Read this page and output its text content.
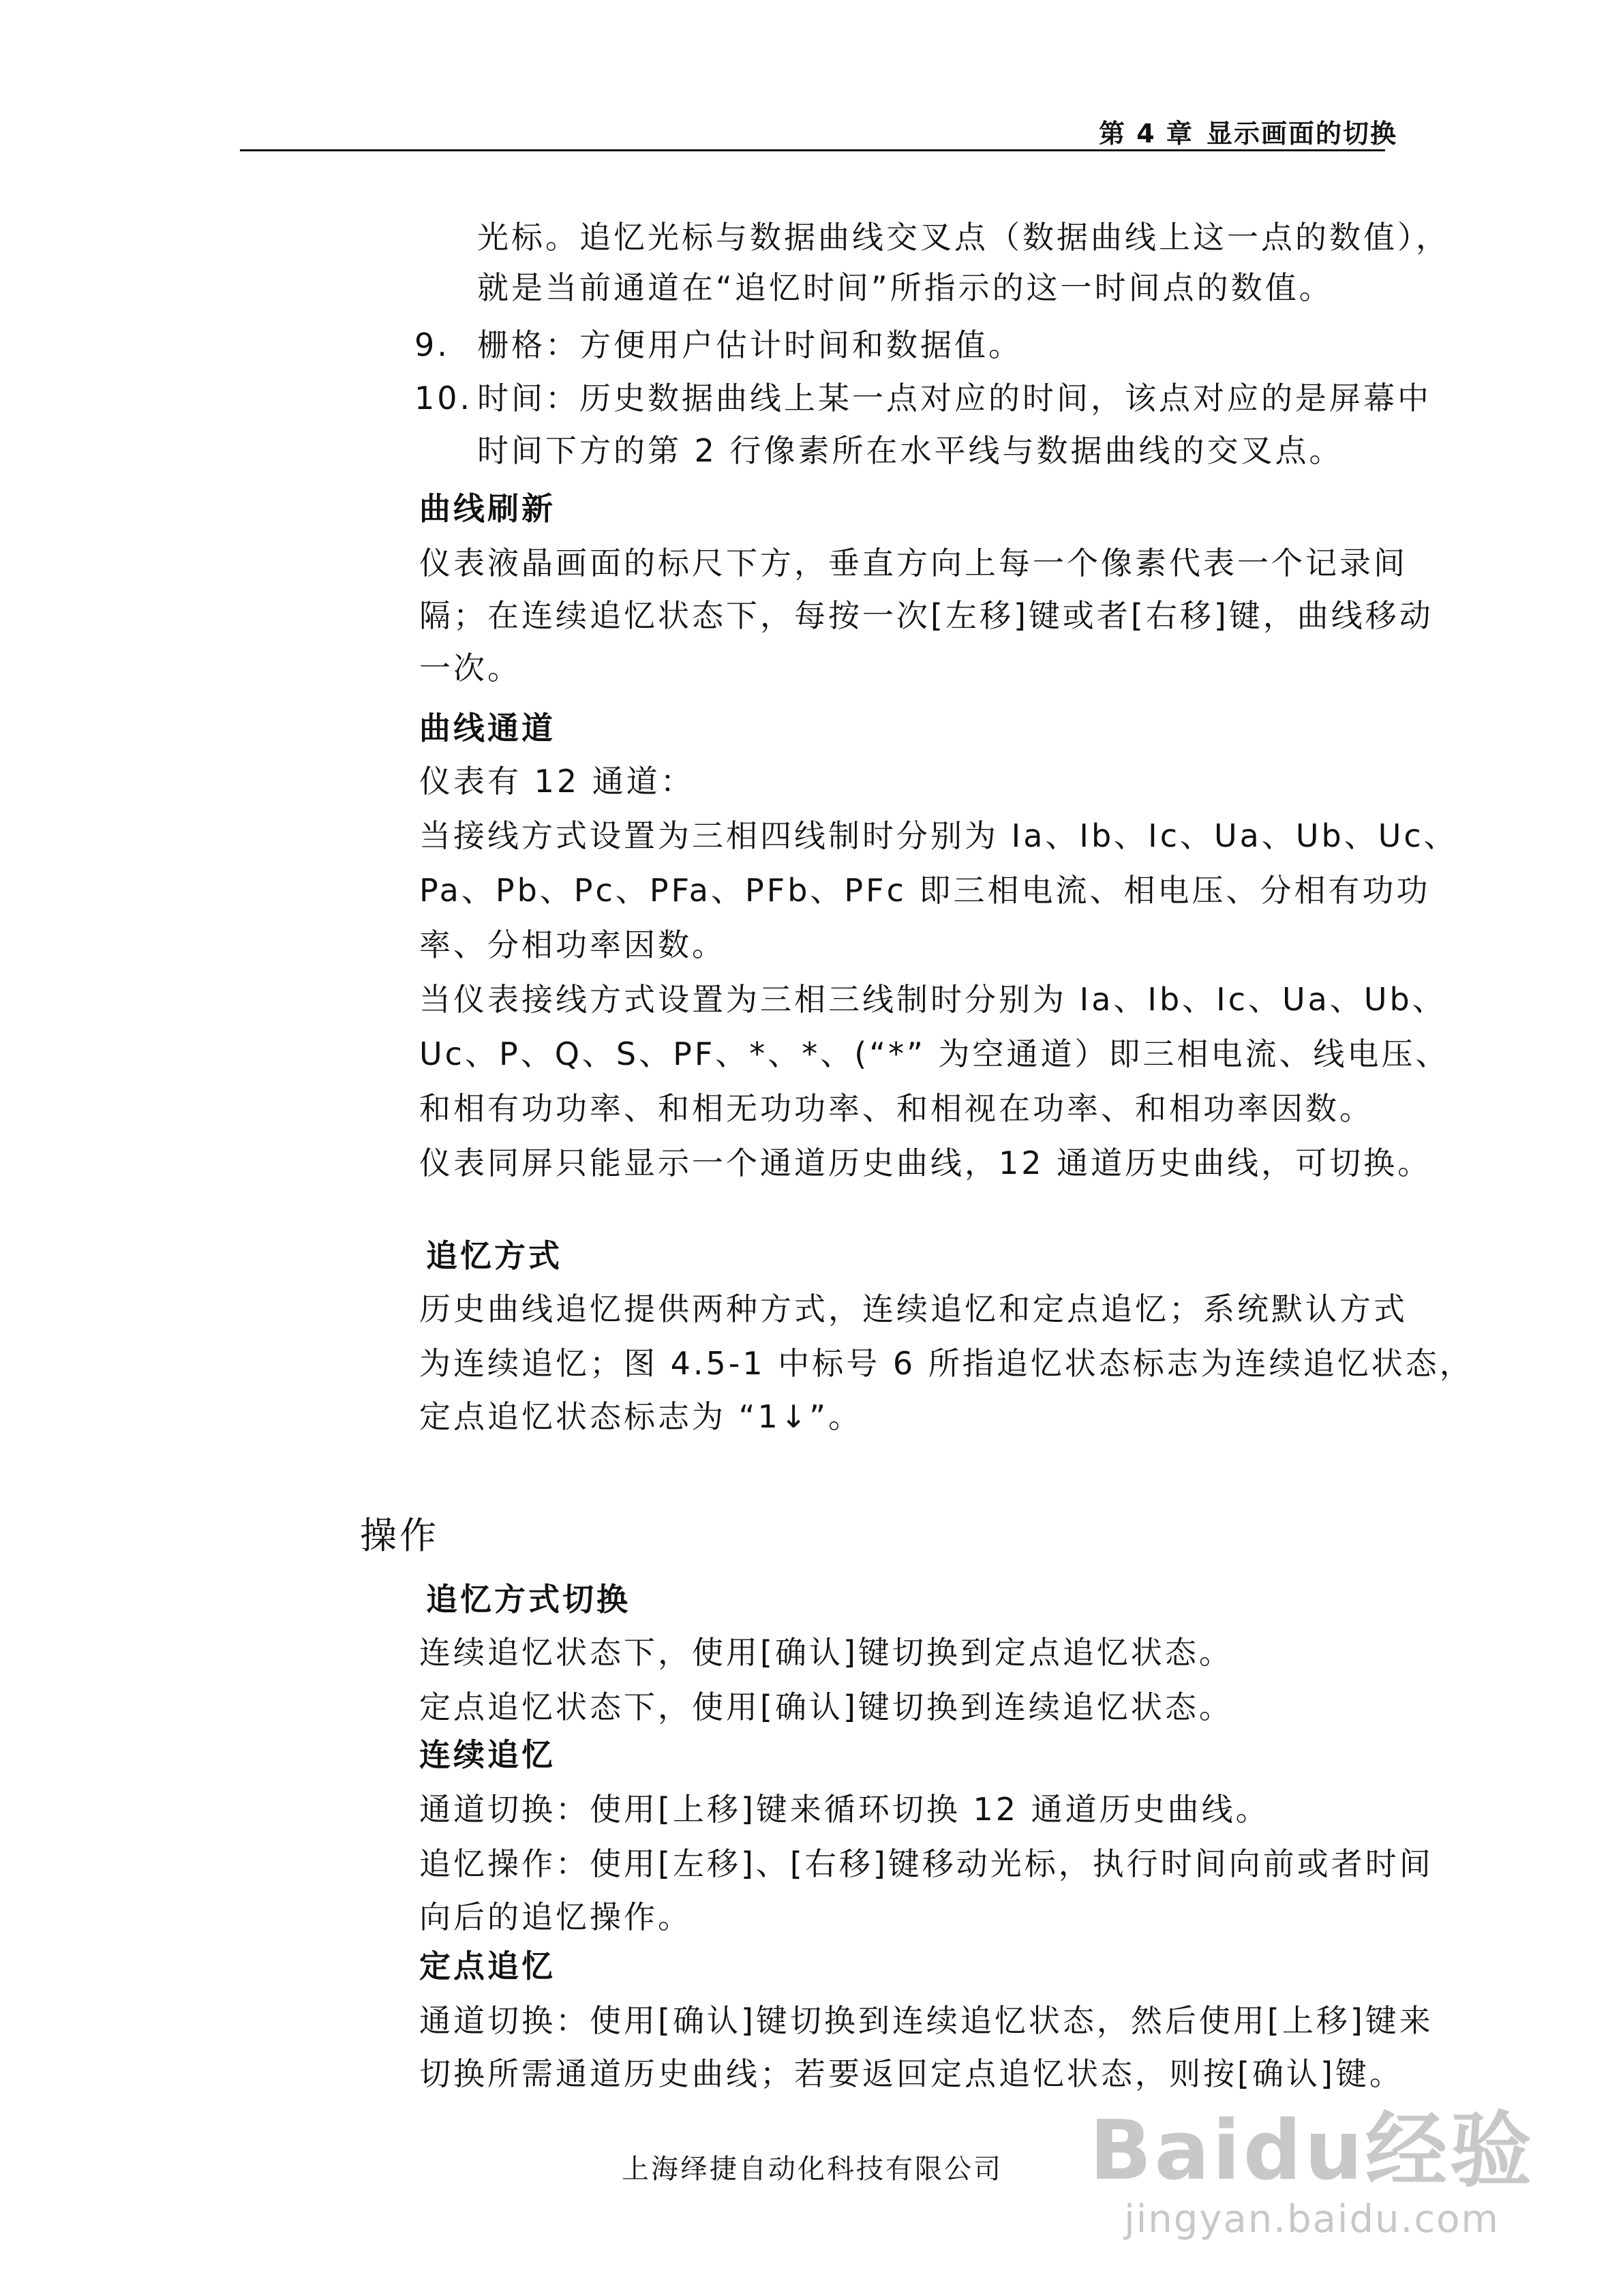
第 4 章 显示画面的切换

光标。追忆光标与数据曲线交叉点（数据曲线上这一点的数值），

就是当前通道在“追忆时间”所指示的这一时间点的数值。

9. 栅格：方便用户估计时间和数据值。

10. 时间：历史数据曲线上某一点对应的时间，该点对应的是屏幕中

时间下方的第 2 行像素所在水平线与数据曲线的交叉点。

曲线刷新

仪表液晶画面的标尺下方，垂直方向上每一个像素代表一个记录间

隔；在连续追忆状态下，每按一次[左移]键或者[右移]键，曲线移动

一次。

曲线通道

仪表有 12 通道：

当接线方式设置为三相四线制时分别为 Ia、Ib、Ic、Ua、Ub、Uc、

Pa、Pb、Pc、PFa、PFb、PFc 即三相电流、相电压、分相有功功

率、分相功率因数。

当仪表接线方式设置为三相三线制时分别为 Ia、Ib、Ic、Ua、Ub、

Uc、P、Q、S、PF、*、*、(“*” 为空通道）即三相电流、线电压、

和相有功功率、和相无功功率、和相视在功率、和相功率因数。

仪表同屏只能显示一个通道历史曲线，12 通道历史曲线，可切换。

追忆方式

历史曲线追忆提供两种方式，连续追忆和定点追忆；系统默认方式

为连续追忆；图 4.5-1 中标号 6 所指追忆状态标志为连续追忆状态，

定点追忆状态标志为 “1↓”。

操作

追忆方式切换

连续追忆状态下，使用[确认]键切换到定点追忆状态。

定点追忆状态下，使用[确认]键切换到连续追忆状态。

连续追忆

通道切换：使用[上移]键来循环切换 12 通道历史曲线。

追忆操作：使用[左移]、[右移]键移动光标，执行时间向前或者时间

向后的追忆操作。

定点追忆

通道切换：使用[确认]键切换到连续追忆状态，然后使用[上移]键来

切换所需通道历史曲线；若要返回定点追忆状态，则按[确认]键。

上海绎捷自动化科技有限公司 Baidu经验
jingyan.baidu.com
